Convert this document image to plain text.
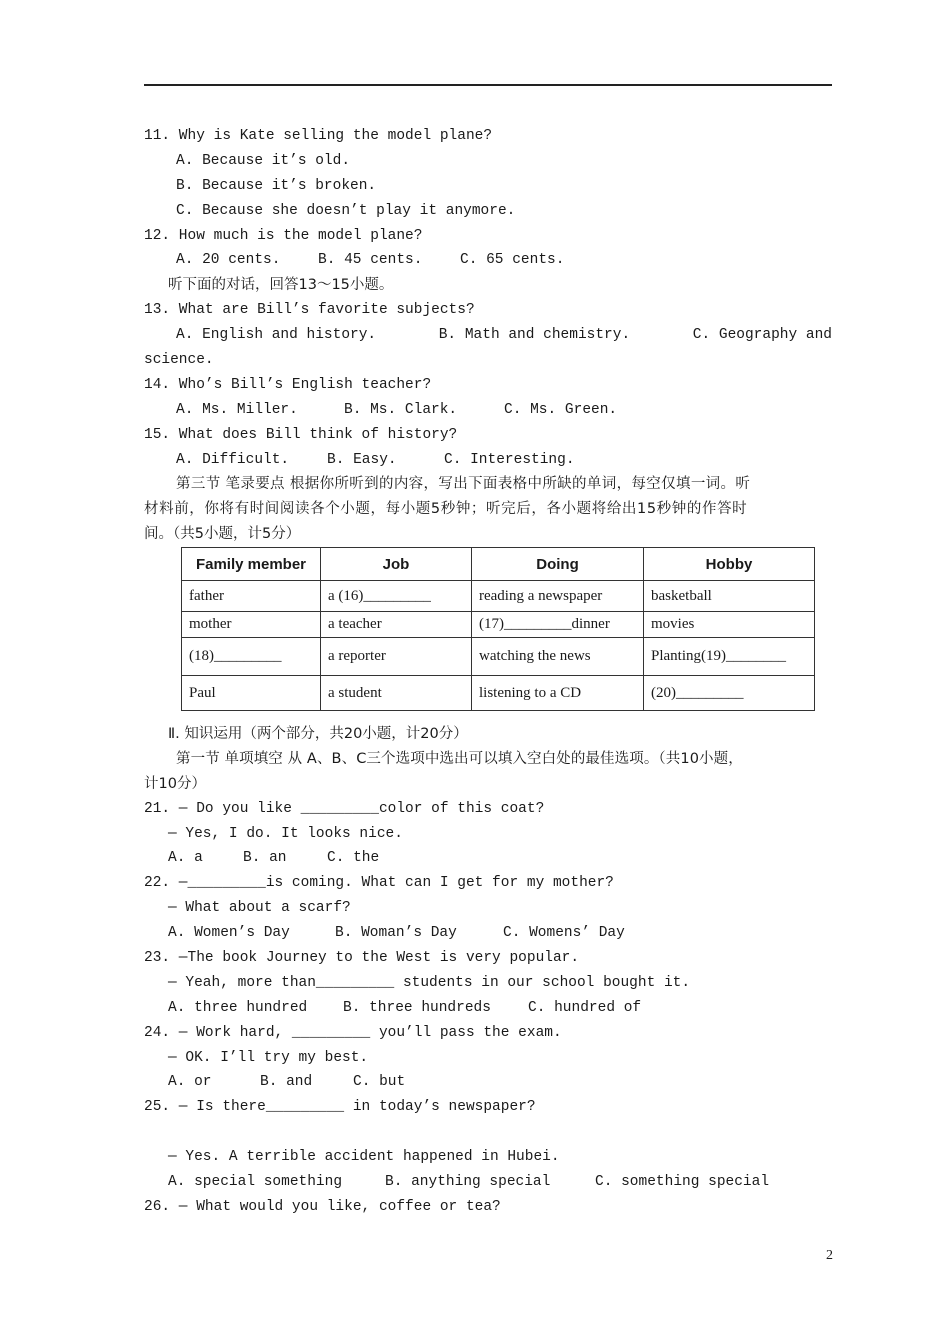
11. Why is Kate selling the model plane?
A. Because it’s old.
B. Because it’s broken.
C. Because she doesn’t play it anymore.
12. How much is the model plane?
A. 20 cents.	B. 45 cents.	C. 65 cents.
听下面的对话，回答13～15小题。
13. What are Bill’s favorite subjects?
A. English and history.	B. Math and chemistry.	C. Geography and
science.
14. Who’s Bill’s English teacher?
A. Ms. Miller.	B. Ms. Clark.	C. Ms. Green.
15. What does Bill think of history?
A. Difficult.	B. Easy.	C. Interesting.
第三节 笔录要点 根据你所听到的内容，写出下面表格中所缺的单词，每空仅填一词。听
材料前，你将有时间阅读各个小题，每小题5秒钟；听完后，各小题将给出15秒钟的作答时
间。（共5小题，计5分）
Family member	Job	Doing	Hobby
father	a (16)_________	reading a newspaper	basketball
mother	a teacher	(17)_________dinner	movies
(18)_________	a reporter	watching the news	Planting(19)________
Paul	a student	listening to a CD	(20)_________
Ⅱ. 知识运用（两个部分，共20小题，计20分）
第一节 单项填空 从 A、B、C三个选项中选出可以填入空白处的最佳选项。（共10小题，
计10分）
21. — Do you like _________color of this coat?
— Yes, I do. It looks nice.
A. a	B. an	C. the
22. —_________is coming. What can I get for my mother?
— What about a scarf?
A. Women’s Day	B. Woman’s Day	C. Womens’ Day
23. —The book Journey to the West is very popular.
— Yeah, more than_________ students in our school bought it.
A. three hundred B. three hundreds	C. hundred of
24. — Work hard, _________ you’ll pass the exam.
— OK. I’ll try my best.
A. or	B. and	C. but
25. — Is there_________ in today’s newspaper?
— Yes. A terrible accident happened in Hubei.
A. special something	B. anything special	C. something special
26. — What would you like, coffee or tea?
2
